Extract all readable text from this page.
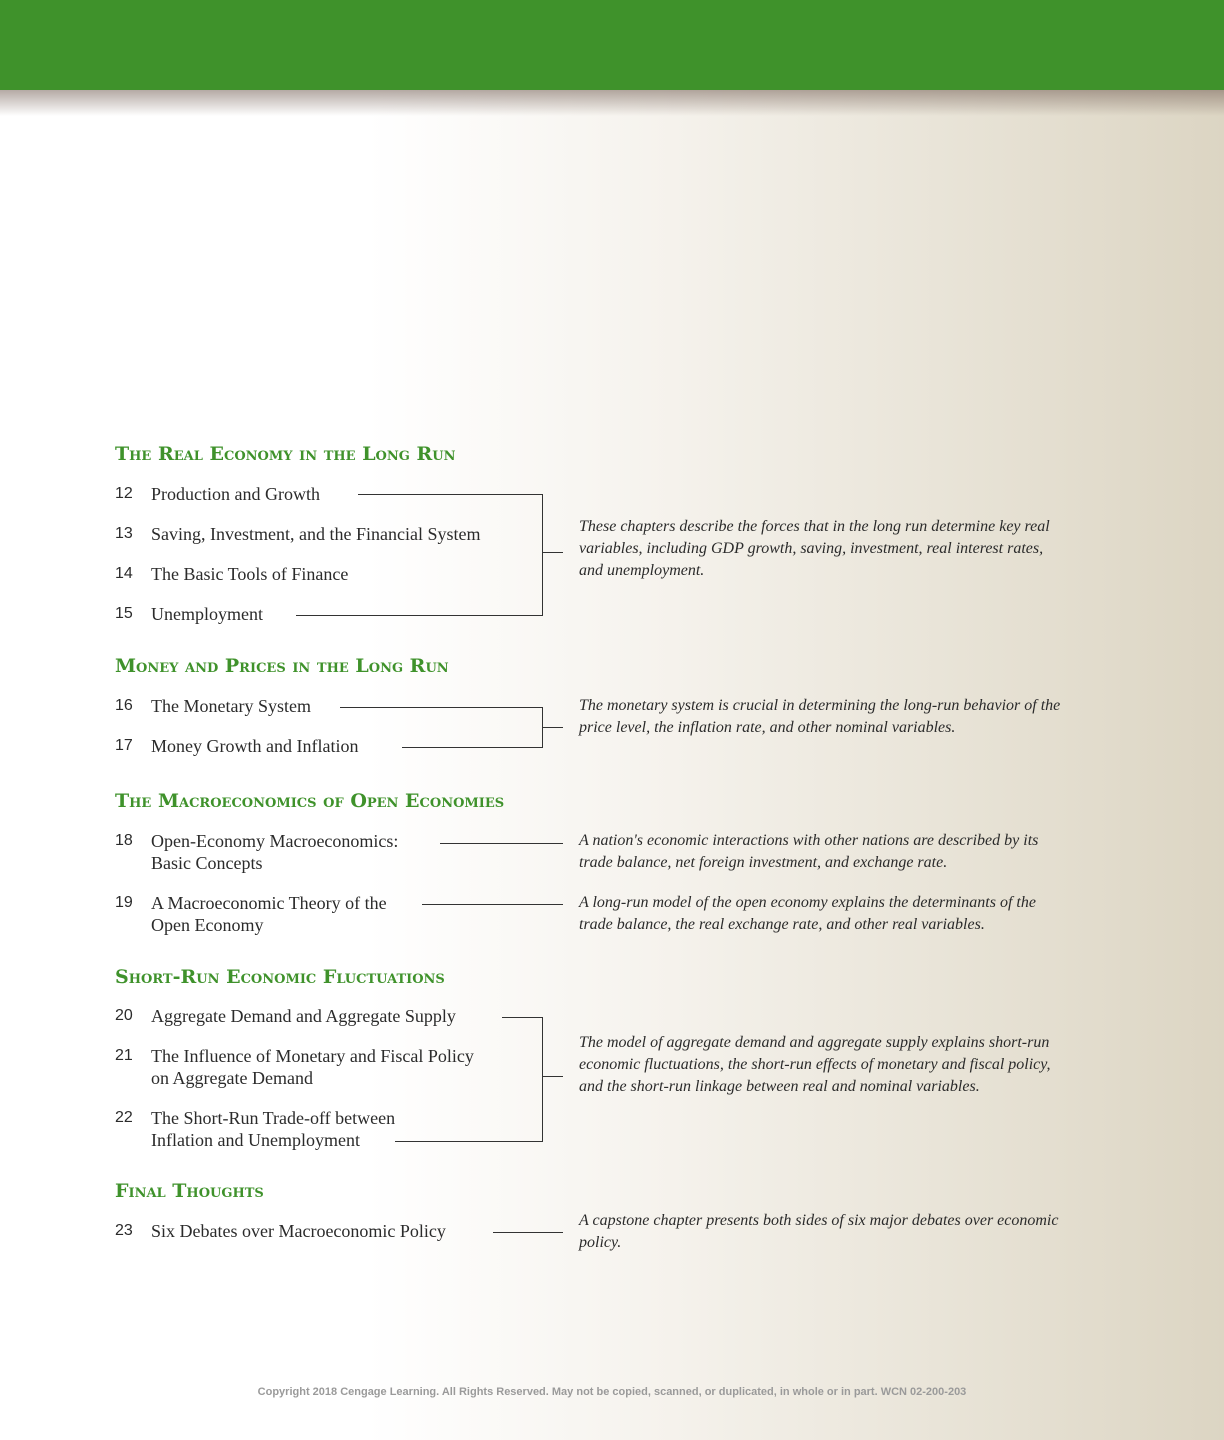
The Real Economy in the Long Run
12 Production and Growth
13 Saving, Investment, and the Financial System
14 The Basic Tools of Finance
15 Unemployment
These chapters describe the forces that in the long run determine key real variables, including GDP growth, saving, investment, real interest rates, and unemployment.
Money and Prices in the Long Run
16 The Monetary System
17 Money Growth and Inflation
The monetary system is crucial in determining the long-run behavior of the price level, the inflation rate, and other nominal variables.
The Macroeconomics of Open Economies
18 Open-Economy Macroeconomics:
Basic Concepts
A nation's economic interactions with other nations are described by its trade balance, net foreign investment, and exchange rate.
19 A Macroeconomic Theory of the
Open Economy
A long-run model of the open economy explains the determinants of the trade balance, the real exchange rate, and other real variables.
Short-Run Economic Fluctuations
20 Aggregate Demand and Aggregate Supply
21 The Influence of Monetary and Fiscal Policy
on Aggregate Demand
22 The Short-Run Trade-off between
Inflation and Unemployment
The model of aggregate demand and aggregate supply explains short-run economic fluctuations, the short-run effects of monetary and fiscal policy, and the short-run linkage between real and nominal variables.
Final Thoughts
23 Six Debates over Macroeconomic Policy
A capstone chapter presents both sides of six major debates over economic policy.
Copyright 2018 Cengage Learning. All Rights Reserved. May not be copied, scanned, or duplicated, in whole or in part. WCN 02-200-203
